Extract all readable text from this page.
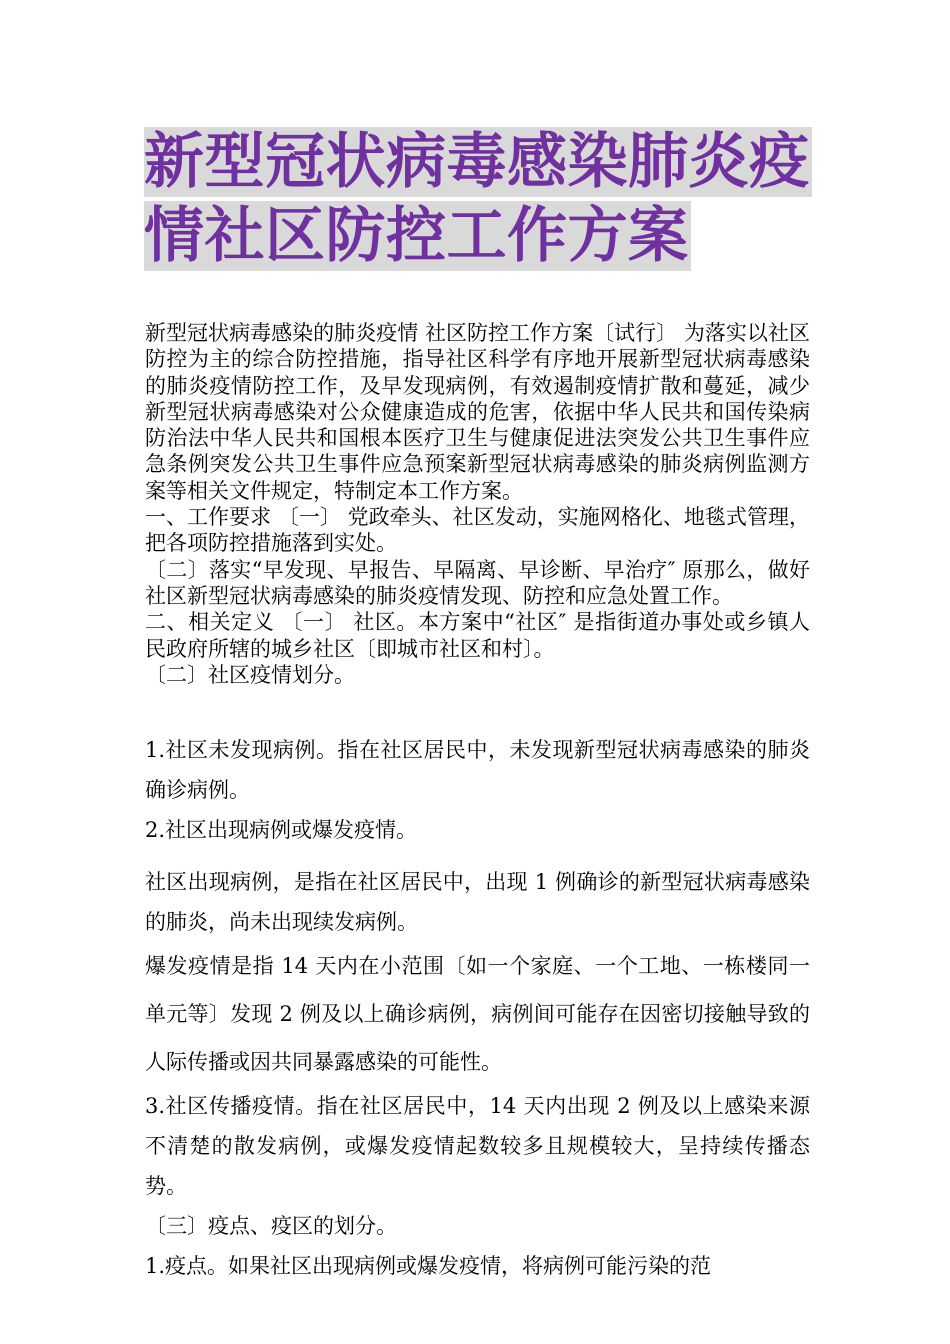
新型冠状病毒感染肺炎疫情社区防控工作方案

新型冠状病毒感染的肺炎疫情 社区防控工作方案〔试行〕 为落实以社区防控为主的综合防控措施，指导社区科学有序地开展新型冠状病毒感染的肺炎疫情防控工作，及早发现病例，有效遏制疫情扩散和蔓延，减少新型冠状病毒感染对公众健康造成的危害，依据中华人民共和国传染病防治法中华人民共和国根本医疗卫生与健康促进法突发公共卫生事件应急条例突发公共卫生事件应急预案新型冠状病毒感染的肺炎病例监测方案等相关文件规定，特制定本工作方案。

一、工作要求 〔一〕 党政牵头、社区发动，实施网格化、地毯式管理，把各项防控措施落到实处。

〔二〕落实“早发现、早报告、早隔离、早诊断、早治疗″ 原那么，做好社区新型冠状病毒感染的肺炎疫情发现、防控和应急处置工作。

二、相关定义 〔一〕 社区。本方案中“社区″ 是指街道办事处或乡镇人民政府所辖的城乡社区〔即城市社区和村〕。

〔二〕社区疫情划分。

1.社区未发现病例。指在社区居民中，未发现新型冠状病毒感染的肺炎确诊病例。

2.社区出现病例或爆发疫情。

社区出现病例，是指在社区居民中，出现 1 例确诊的新型冠状病毒感染的肺炎，尚未出现续发病例。

爆发疫情是指 14 天内在小范围〔如一个家庭、一个工地、一栋楼同一单元等〕发现 2 例及以上确诊病例，病例间可能存在因密切接触导致的人际传播或因共同暴露感染的可能性。

3.社区传播疫情。指在社区居民中，14 天内出现 2 例及以上感染来源不清楚的散发病例，或爆发疫情起数较多且规模较大，呈持续传播态势。

〔三〕疫点、疫区的划分。

1.疫点。如果社区出现病例或爆发疫情，将病例可能污染的范
